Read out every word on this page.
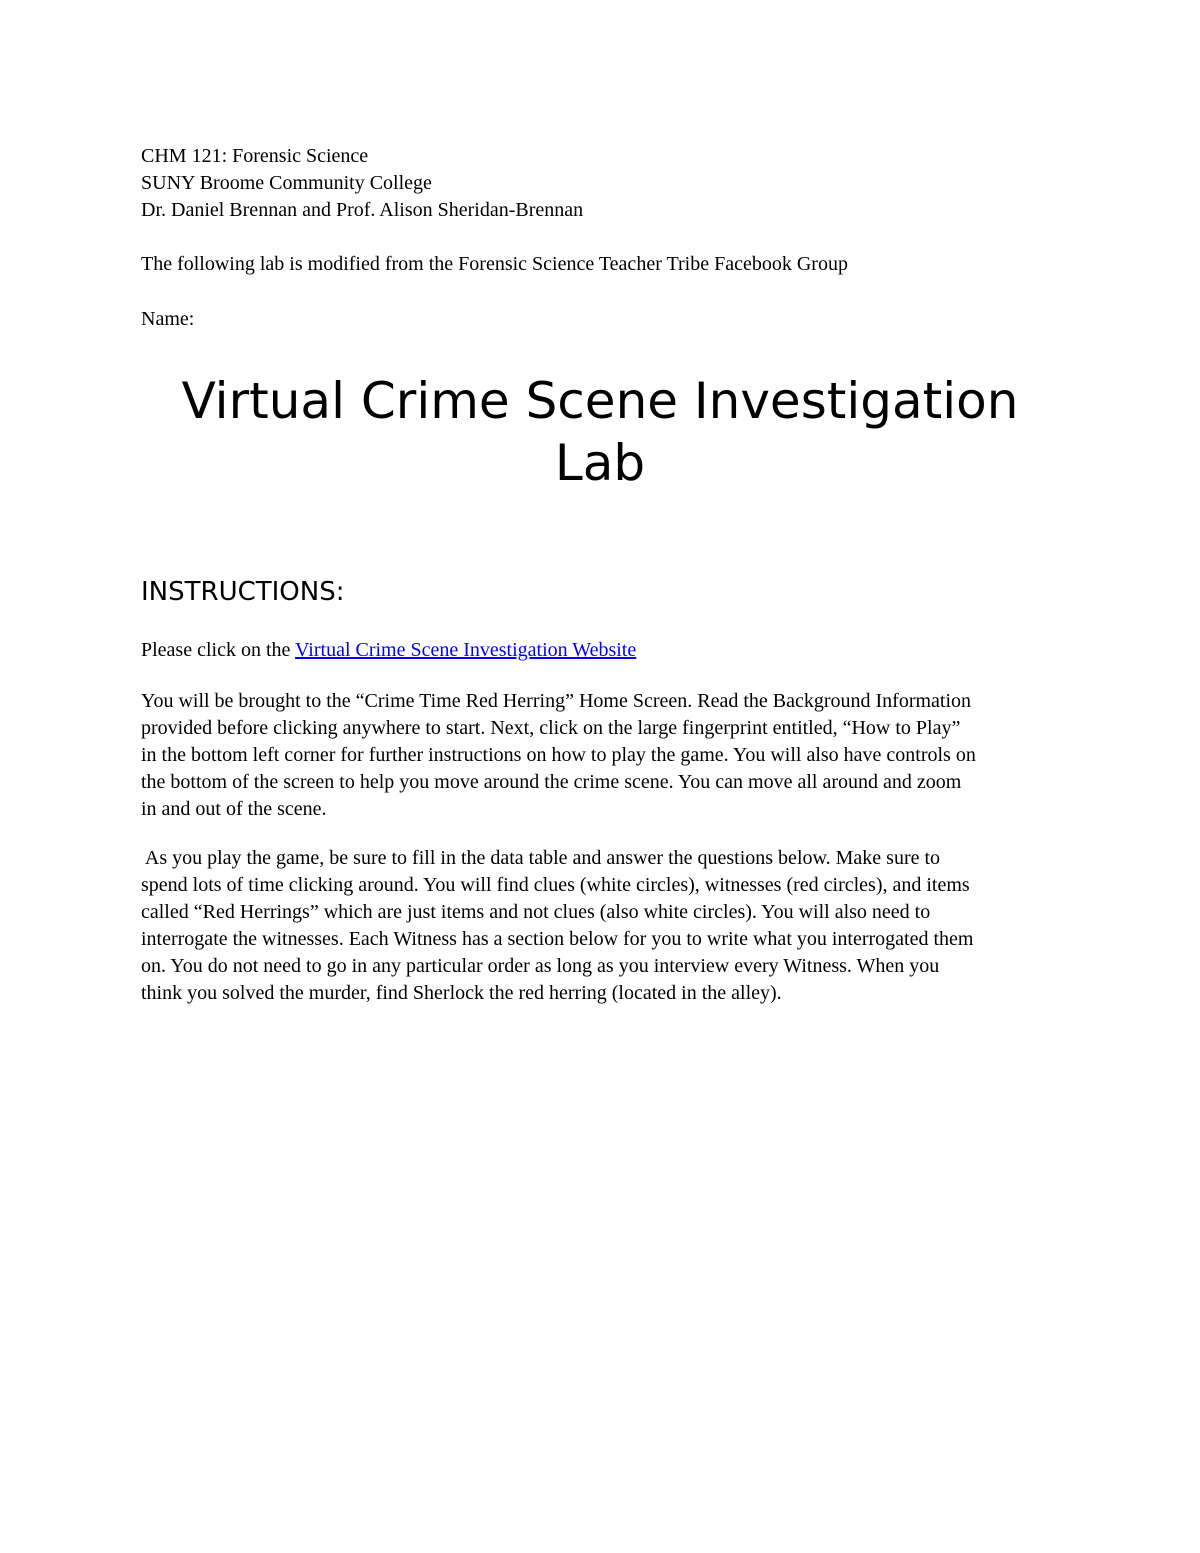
CHM 121: Forensic Science
SUNY Broome Community College
Dr. Daniel Brennan and Prof. Alison Sheridan-Brennan
The following lab is modified from the Forensic Science Teacher Tribe Facebook Group
Name:
Virtual Crime Scene Investigation
Lab
INSTRUCTIONS:
Please click on the Virtual Crime Scene Investigation Website

You will be brought to the “Crime Time Red Herring” Home Screen. Read the Background Information
provided before clicking anywhere to start. Next, click on the large fingerprint entitled, “How to Play”
in the bottom left corner for further instructions on how to play the game. You will also have controls on
the bottom of the screen to help you move around the crime scene. You can move all around and zoom
in and out of the scene.

As you play the game, be sure to fill in the data table and answer the questions below. Make sure to
spend lots of time clicking around. You will find clues (white circles), witnesses (red circles), and items
called “Red Herrings” which are just items and not clues (also white circles). You will also need to
interrogate the witnesses. Each Witness has a section below for you to write what you interrogated them
on. You do not need to go in any particular order as long as you interview every Witness. When you
think you solved the murder, find Sherlock the red herring (located in the alley).
